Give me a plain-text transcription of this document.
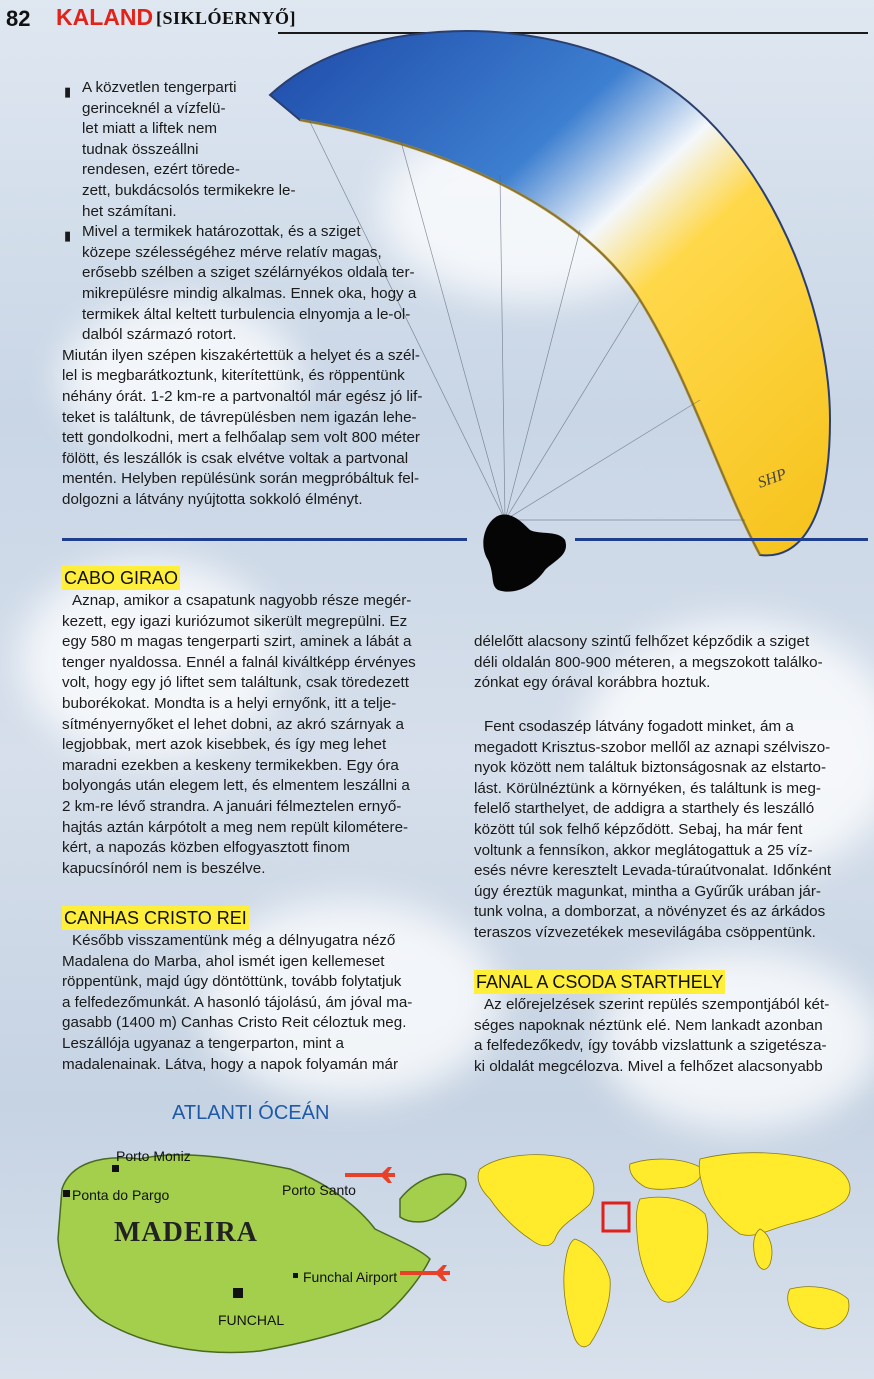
82 KALAND [SIKLÓERNYŐ]
SHP
▮ A közvetlen tengerparti
gerinceknél a vízfelü-
let miatt a liftek nem
tudnak összeállni
rendesen, ezért törede-
zett, bukdácsolós termikekre le-
het számítani.
▮ Mivel a termikek határozottak, és a sziget
közepe szélességéhez mérve relatív magas,
erősebb szélben a sziget szélárnyékos oldala ter-
mikrepülésre mindig alkalmas. Ennek oka, hogy a
termikek által keltett turbulencia elnyomja a le-ol-
dalból származó rotort.
Miután ilyen szépen kiszakértettük a helyet és a szél-
lel is megbarátkoztunk, kiterítettünk, és röppentünk
néhány órát. 1-2 km-re a partvonaltól már egész jó lif-
teket is találtunk, de távrepülésben nem igazán lehe-
tett gondolkodni, mert a felhőalap sem volt 800 méter
fölött, és leszállók is csak elvétve voltak a partvonal
mentén. Helyben repülésünk során megpróbáltuk fel-
dolgozni a látvány nyújtotta sokkoló élményt.
CABO GIRAO
Aznap, amikor a csapatunk nagyobb része megér-
kezett, egy igazi kuriózumot sikerült megrepülni. Ez
egy 580 m magas tengerparti szirt, aminek a lábát a
tenger nyaldossa. Ennél a falnál kiváltképp érvényes
volt, hogy egy jó liftet sem találtunk, csak töredezett
buborékokat. Mondta is a helyi ernyőnk, itt a telje-
sítményernyőket el lehet dobni, az akró szárnyak a
legjobbak, mert azok kisebbek, és így meg lehet
maradni ezekben a keskeny termikekben. Egy óra
bolyongás után elegem lett, és elmentem leszállni a
2 km-re lévő strandra. A januári félmeztelen ernyő-
hajtás aztán kárpótolt a meg nem repült kilométere-
kért, a napozás közben elfogyasztott finom
kapucsínóról nem is beszélve.
CANHAS CRISTO REI
Később visszamentünk még a délnyugatra néző
Madalena do Marba, ahol ismét igen kellemeset
röppentünk, majd úgy döntöttünk, tovább folytatjuk
a felfedezőmunkát. A hasonló tájolású, ám jóval ma-
gasabb (1400 m) Canhas Cristo Reit céloztuk meg.
Leszállója ugyanaz a tengerparton, mint a
madalenainak. Látva, hogy a napok folyamán már
délelőtt alacsony szintű felhőzet képződik a sziget
déli oldalán 800-900 méteren, a megszokott találko-
zónkat egy órával korábbra hoztuk.
Fent csodaszép látvány fogadott minket, ám a
megadott Krisztus-szobor mellől az aznapi szélviszo-
nyok között nem találtuk biztonságosnak az elstarto-
lást. Körülnéztünk a környéken, és találtunk is meg-
felelő starthelyet, de addigra a starthely és leszálló
között túl sok felhő képződött. Sebaj, ha már fent
voltunk a fennsíkon, akkor meglátogattuk a 25 víz-
esés névre keresztelt Levada-túraútvonalat. Időnként
úgy éreztük magunkat, mintha a Gyűrűk urában jár-
tunk volna, a domborzat, a növényzet és az árkádos
teraszos vízvezetékek mesevilágába csöppentünk.
FANAL A CSODA STARTHELY
Az előrejelzések szerint repülés szempontjából két-
séges napoknak néztünk elé. Nem lankadt azonban
a felfedezőkedv, így tovább vizslattunk a szigetésza-
ki oldalát megcélozva. Mivel a felhőzet alacsonyabb
ATLANTI ÓCEÁN
MADEIRA
Porto Moniz
Ponta do Pargo	Porto Santo
Funchal Airport
FUNCHAL
